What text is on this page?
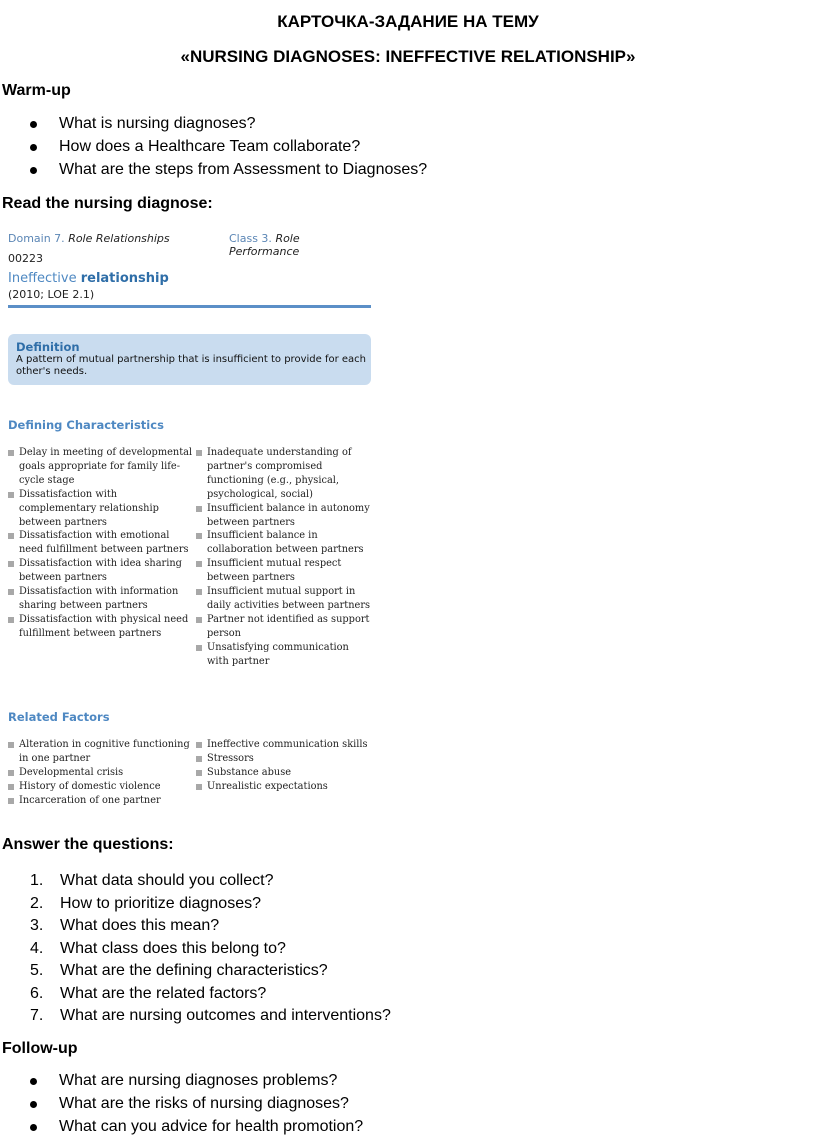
КАРТОЧКА-ЗАДАНИЕ НА ТЕМУ
«NURSING DIAGNOSES: INEFFECTIVE RELATIONSHIP»
Warm-up
What is nursing diagnoses?
How does a Healthcare Team collaborate?
What are the steps from Assessment to Diagnoses?
Read the nursing diagnose:
Domain 7. Role Relationships	Class 3. Role Performance
00223
Ineffective relationship
(2010; LOE 2.1)
Definition
A pattern of mutual partnership that is insufficient to provide for each other's needs.
Defining Characteristics
Delay in meeting of developmental goals appropriate for family life-cycle stage
Dissatisfaction with complementary relationship between partners
Dissatisfaction with emotional need fulfillment between partners
Dissatisfaction with idea sharing between partners
Dissatisfaction with information sharing between partners
Dissatisfaction with physical need fulfillment between partners
Inadequate understanding of partner's compromised functioning (e.g., physical, psychological, social)
Insufficient balance in autonomy between partners
Insufficient balance in collaboration between partners
Insufficient mutual respect between partners
Insufficient mutual support in daily activities between partners
Partner not identified as support person
Unsatisfying communication with partner
Related Factors
Alteration in cognitive functioning in one partner
Developmental crisis
History of domestic violence
Incarceration of one partner
Ineffective communication skills
Stressors
Substance abuse
Unrealistic expectations
Answer the questions:
1. What data should you collect?
2. How to prioritize diagnoses?
3. What does this mean?
4. What class does this belong to?
5. What are the defining characteristics?
6. What are the related factors?
7. What are nursing outcomes and interventions?
Follow-up
What are nursing diagnoses problems?
What are the risks of nursing diagnoses?
What can you advice for health promotion?
